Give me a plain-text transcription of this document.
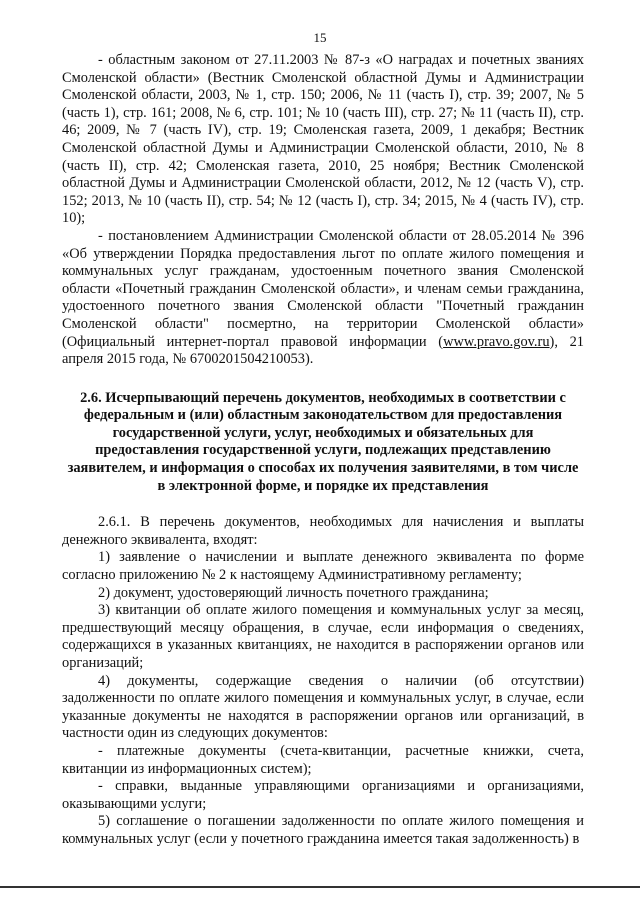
15

- областным законом от 27.11.2003 № 87-з «О наградах и почетных званиях Смоленской области» (Вестник Смоленской областной Думы и Администрации Смоленской области, 2003, № 1, стр. 150; 2006, № 11 (часть I), стр. 39; 2007, № 5 (часть 1), стр. 161; 2008, № 6, стр. 101; № 10 (часть III), стр. 27; № 11 (часть II), стр. 46; 2009, № 7 (часть IV), стр. 19; Смоленская газета, 2009, 1 декабря; Вестник Смоленской областной Думы и Администрации Смоленской области, 2010, № 8 (часть II), стр. 42; Смоленская газета, 2010, 25 ноября; Вестник Смоленской областной Думы и Администрации Смоленской области, 2012, № 12 (часть V), стр. 152; 2013, № 10 (часть II), стр. 54; № 12 (часть I), стр. 34; 2015, № 4 (часть IV), стр. 10);

- постановлением Администрации Смоленской области от 28.05.2014 № 396 «Об утверждении Порядка предоставления льгот по оплате жилого помещения и коммунальных услуг гражданам, удостоенным почетного звания Смоленской области «Почетный гражданин Смоленской области», и членам семьи гражданина, удостоенного почетного звания Смоленской области "Почетный гражданин Смоленской области" посмертно, на территории Смоленской области» (Официальный интернет-портал правовой информации (www.pravo.gov.ru), 21 апреля 2015 года, № 6700201504210053).

2.6. Исчерпывающий перечень документов, необходимых в соответствии с федеральным и (или) областным законодательством для предоставления государственной услуги, услуг, необходимых и обязательных для предоставления государственной услуги, подлежащих представлению заявителем, и информация о способах их получения заявителями, в том числе в электронной форме, и порядке их представления

2.6.1. В перечень документов, необходимых для начисления и выплаты денежного эквивалента, входят:

1) заявление о начислении и выплате денежного эквивалента по форме согласно приложению № 2 к настоящему Административному регламенту;

2) документ, удостоверяющий личность почетного гражданина;

3) квитанции об оплате жилого помещения и коммунальных услуг за месяц, предшествующий месяцу обращения, в случае, если информация о сведениях, содержащихся в указанных квитанциях, не находится в распоряжении органов или организаций;

4) документы, содержащие сведения о наличии (об отсутствии) задолженности по оплате жилого помещения и коммунальных услуг, в случае, если указанные документы не находятся в распоряжении органов или организаций, в частности один из следующих документов:

- платежные документы (счета-квитанции, расчетные книжки, счета, квитанции из информационных систем);

- справки, выданные управляющими организациями и организациями, оказывающими услуги;

5) соглашение о погашении задолженности по оплате жилого помещения и коммунальных услуг (если у почетного гражданина имеется такая задолженность) в
